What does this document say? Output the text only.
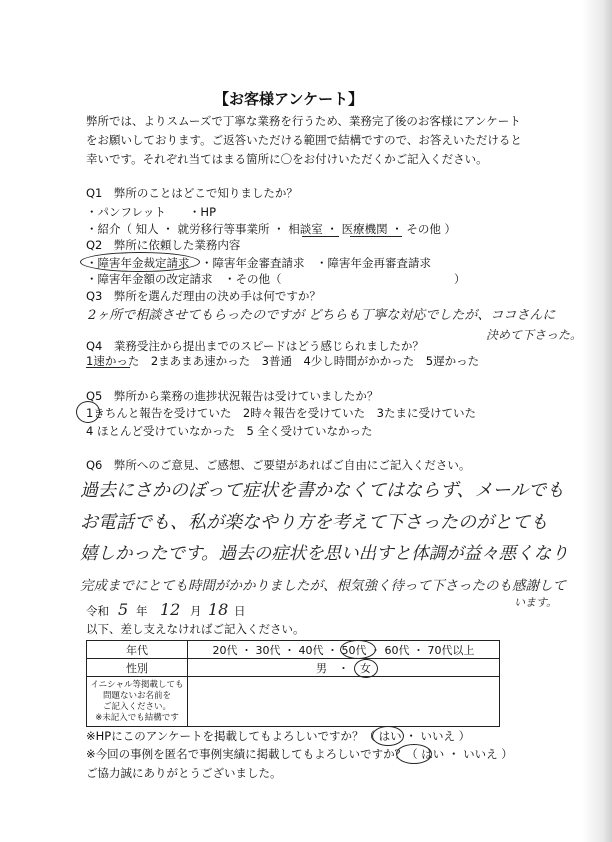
【お客様アンケート】
弊所では、よりスムーズで丁寧な業務を行うため、業務完了後のお客様にアンケート
をお願いしております。ご返答いただける範囲で結構ですので、お答えいただけると
幸いです。それぞれ当てはまる箇所に〇をお付けいただくかご記入ください。
Q1　弊所のことはどこで知りましたか？
・パンフレット　　・HP
・紹介（ 知人 ・ 就労移行等事業所 ・ 相談室 ・ 医療機関 ・ その他 ）
Q2　弊所に依頼した業務内容
・障害年金裁定請求　・障害年金審査請求　・障害年金再審査請求
・障害年金額の改定請求　・その他（　　　　　　　　　　　　　　　）
Q3　弊所を選んだ理由の決め手は何ですか？
2ヶ所で相談させてもらったのですが どちらも丁寧な対応でしたが、ココさんに
決めて下さった。
Q4　業務受注から提出までのスピードはどう感じられましたか？
1速かった　2まあまあ速かった　3普通　4少し時間がかかった　5遅かった
Q5　弊所から業務の進捗状況報告は受けていましたか？
1きちんと報告を受けていた　2時々報告を受けていた　3たまに受けていた
4 ほとんど受けていなかった　5 全く受けていなかった
Q6　弊所へのご意見、ご感想、ご要望があればご自由にご記入ください。
過去にさかのぼって症状を書かなくてはならず、メールでも
お電話でも、私が楽なやり方を考えて下さったのがとても
嬉しかったです。過去の症状を思い出すと体調が益々悪くなり
完成までにとても時間がかかりましたが、根気強く待って下さったのも感謝して
います。
令和 5 年 12 月 18 日
以下、差し支えなければご記入ください。
年代	20代 ・ 30代 ・ 40代 ・ 50代 ・ 60代 ・ 70代以上
性別	男　・　女

イニシャル等掲載しても
問題ないお名前を
ご記入ください。
※未記入でも結構です	

※HPにこのアンケートを掲載してもよろしいですか？（ はい ・ いいえ ）
※今回の事例を匿名で事例実績に掲載してもよろしいですか？（ はい ・ いいえ ）
ご協力誠にありがとうございました。
